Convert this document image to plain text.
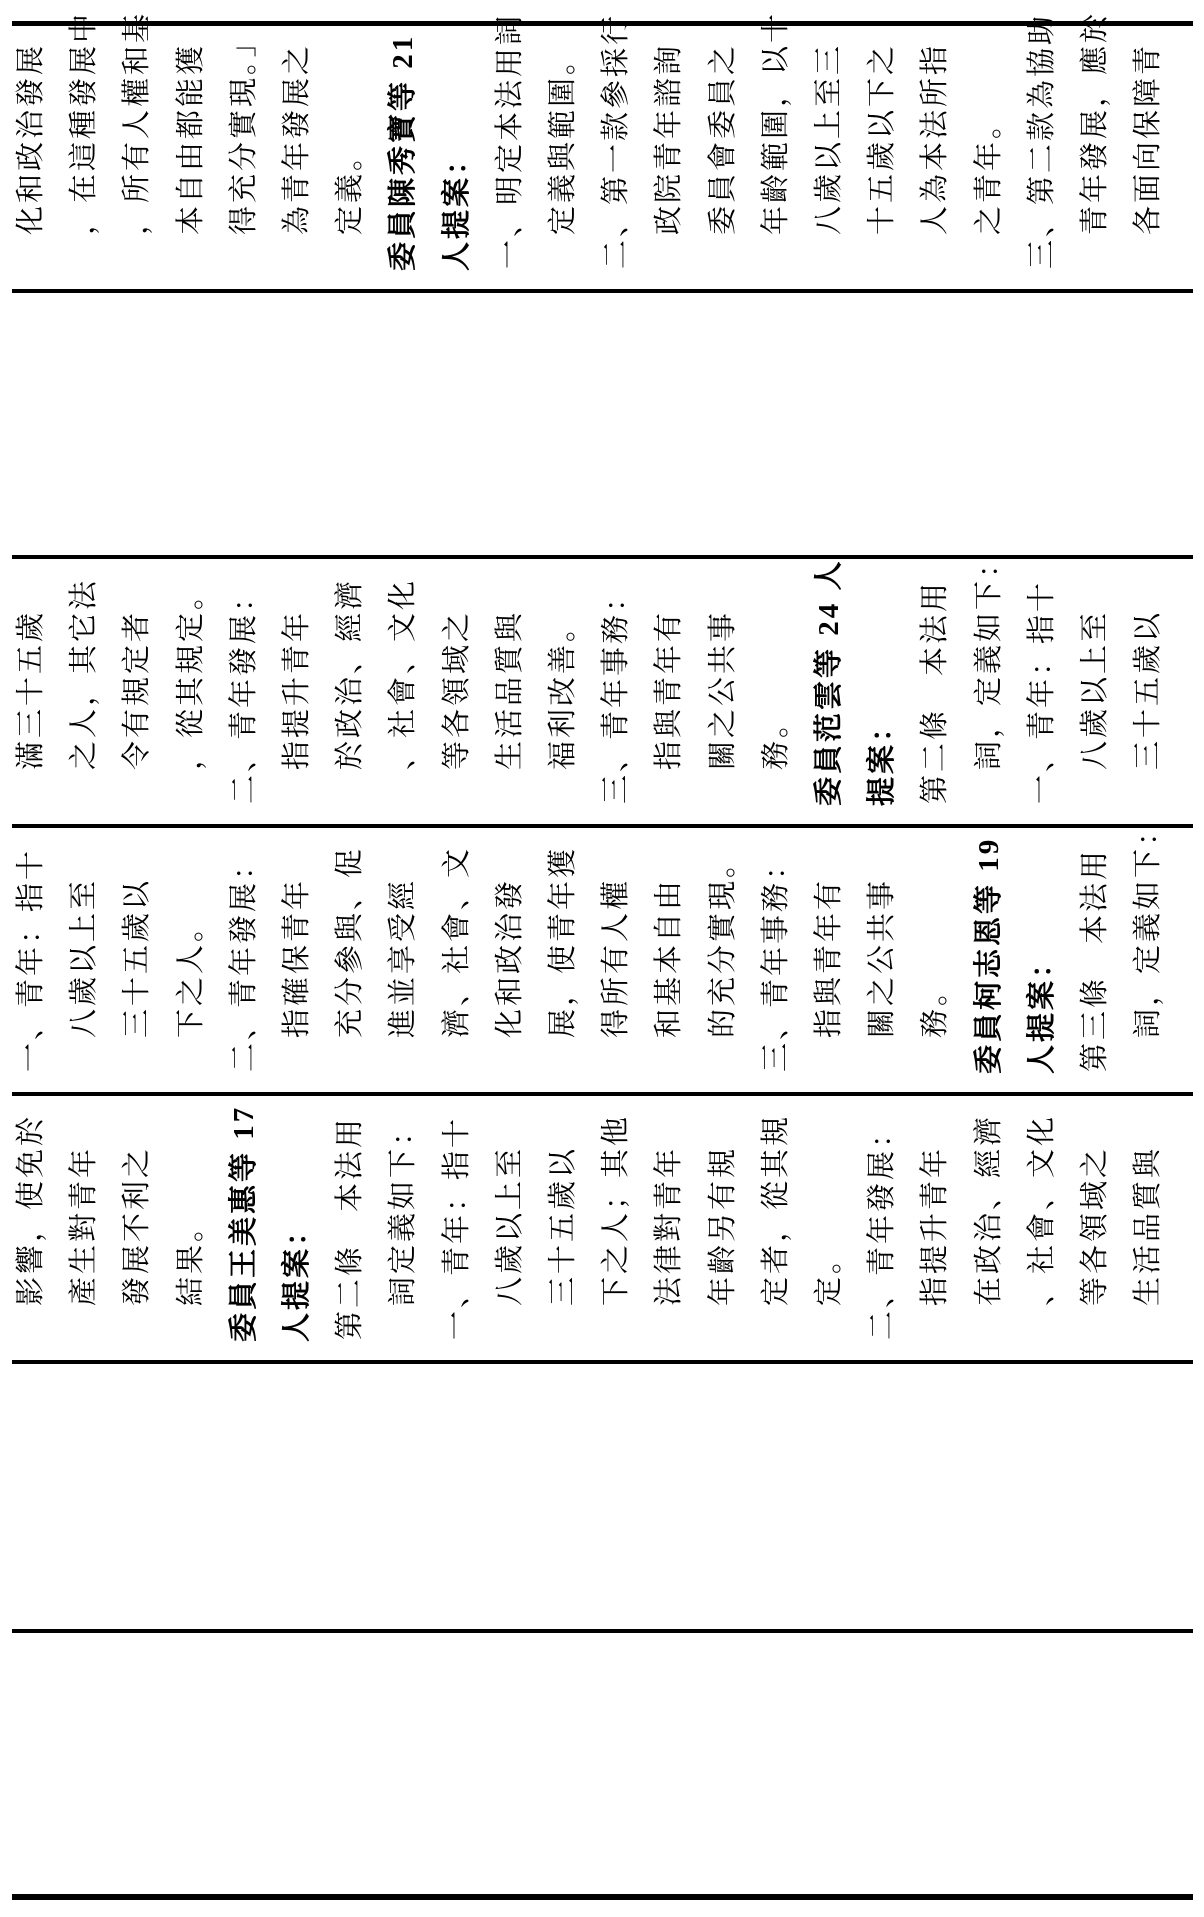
化和政治發展 ，在這種發展中 ，所有人權和基 本自由都能獲 得充分實現。」 為青年發展之 定義。 委員陳秀寶等 21 人提案： 一、明定本法用詞 定義與範圍。 二、第一款參採行 政院青年諮詢 委員會委員之 年齡範圍，以十 八歲以上至三 十五歲以下之 人為本法所指 之青年。 三、第二款為協助 青年發展，應於 各面向保障青
滿三十五歲 之人，其它法 令有規定者 ，從其規定。 二、青年發展： 指提升青年 於政治、經濟 、社會、文化 等各領域之 生活品質與 福利改善。 三、青年事務： 指與青年有 關之公共事 務。 委員范雲等 24 人 提案： 第二條　本法用 詞，定義如下： 一、青年：指十 八歲以上至 三十五歲以
一、青年：指十 八歲以上至 三十五歲以 下之人。 二、青年發展： 指確保青年 充分參與、促 進並享受經 濟、社會、文 化和政治發 展，使青年獲 得所有人權 和基本自由 的充分實現。 三、青年事務： 指與青年有 關之公共事 務。 委員柯志恩等 19 人提案： 第三條　本法用 詞，定義如下：
影響，使免於 產生對青年 發展不利之 結果。 委員王美惠等 17 人提案： 第二條　本法用 詞定義如下： 一、青年：指十 八歲以上至 三十五歲以 下之人；其他 法律對青年 年齡另有規 定者，從其規 定。 二、青年發展： 指提升青年 在政治、經濟 、社會、文化 等各領域之 生活品質與
